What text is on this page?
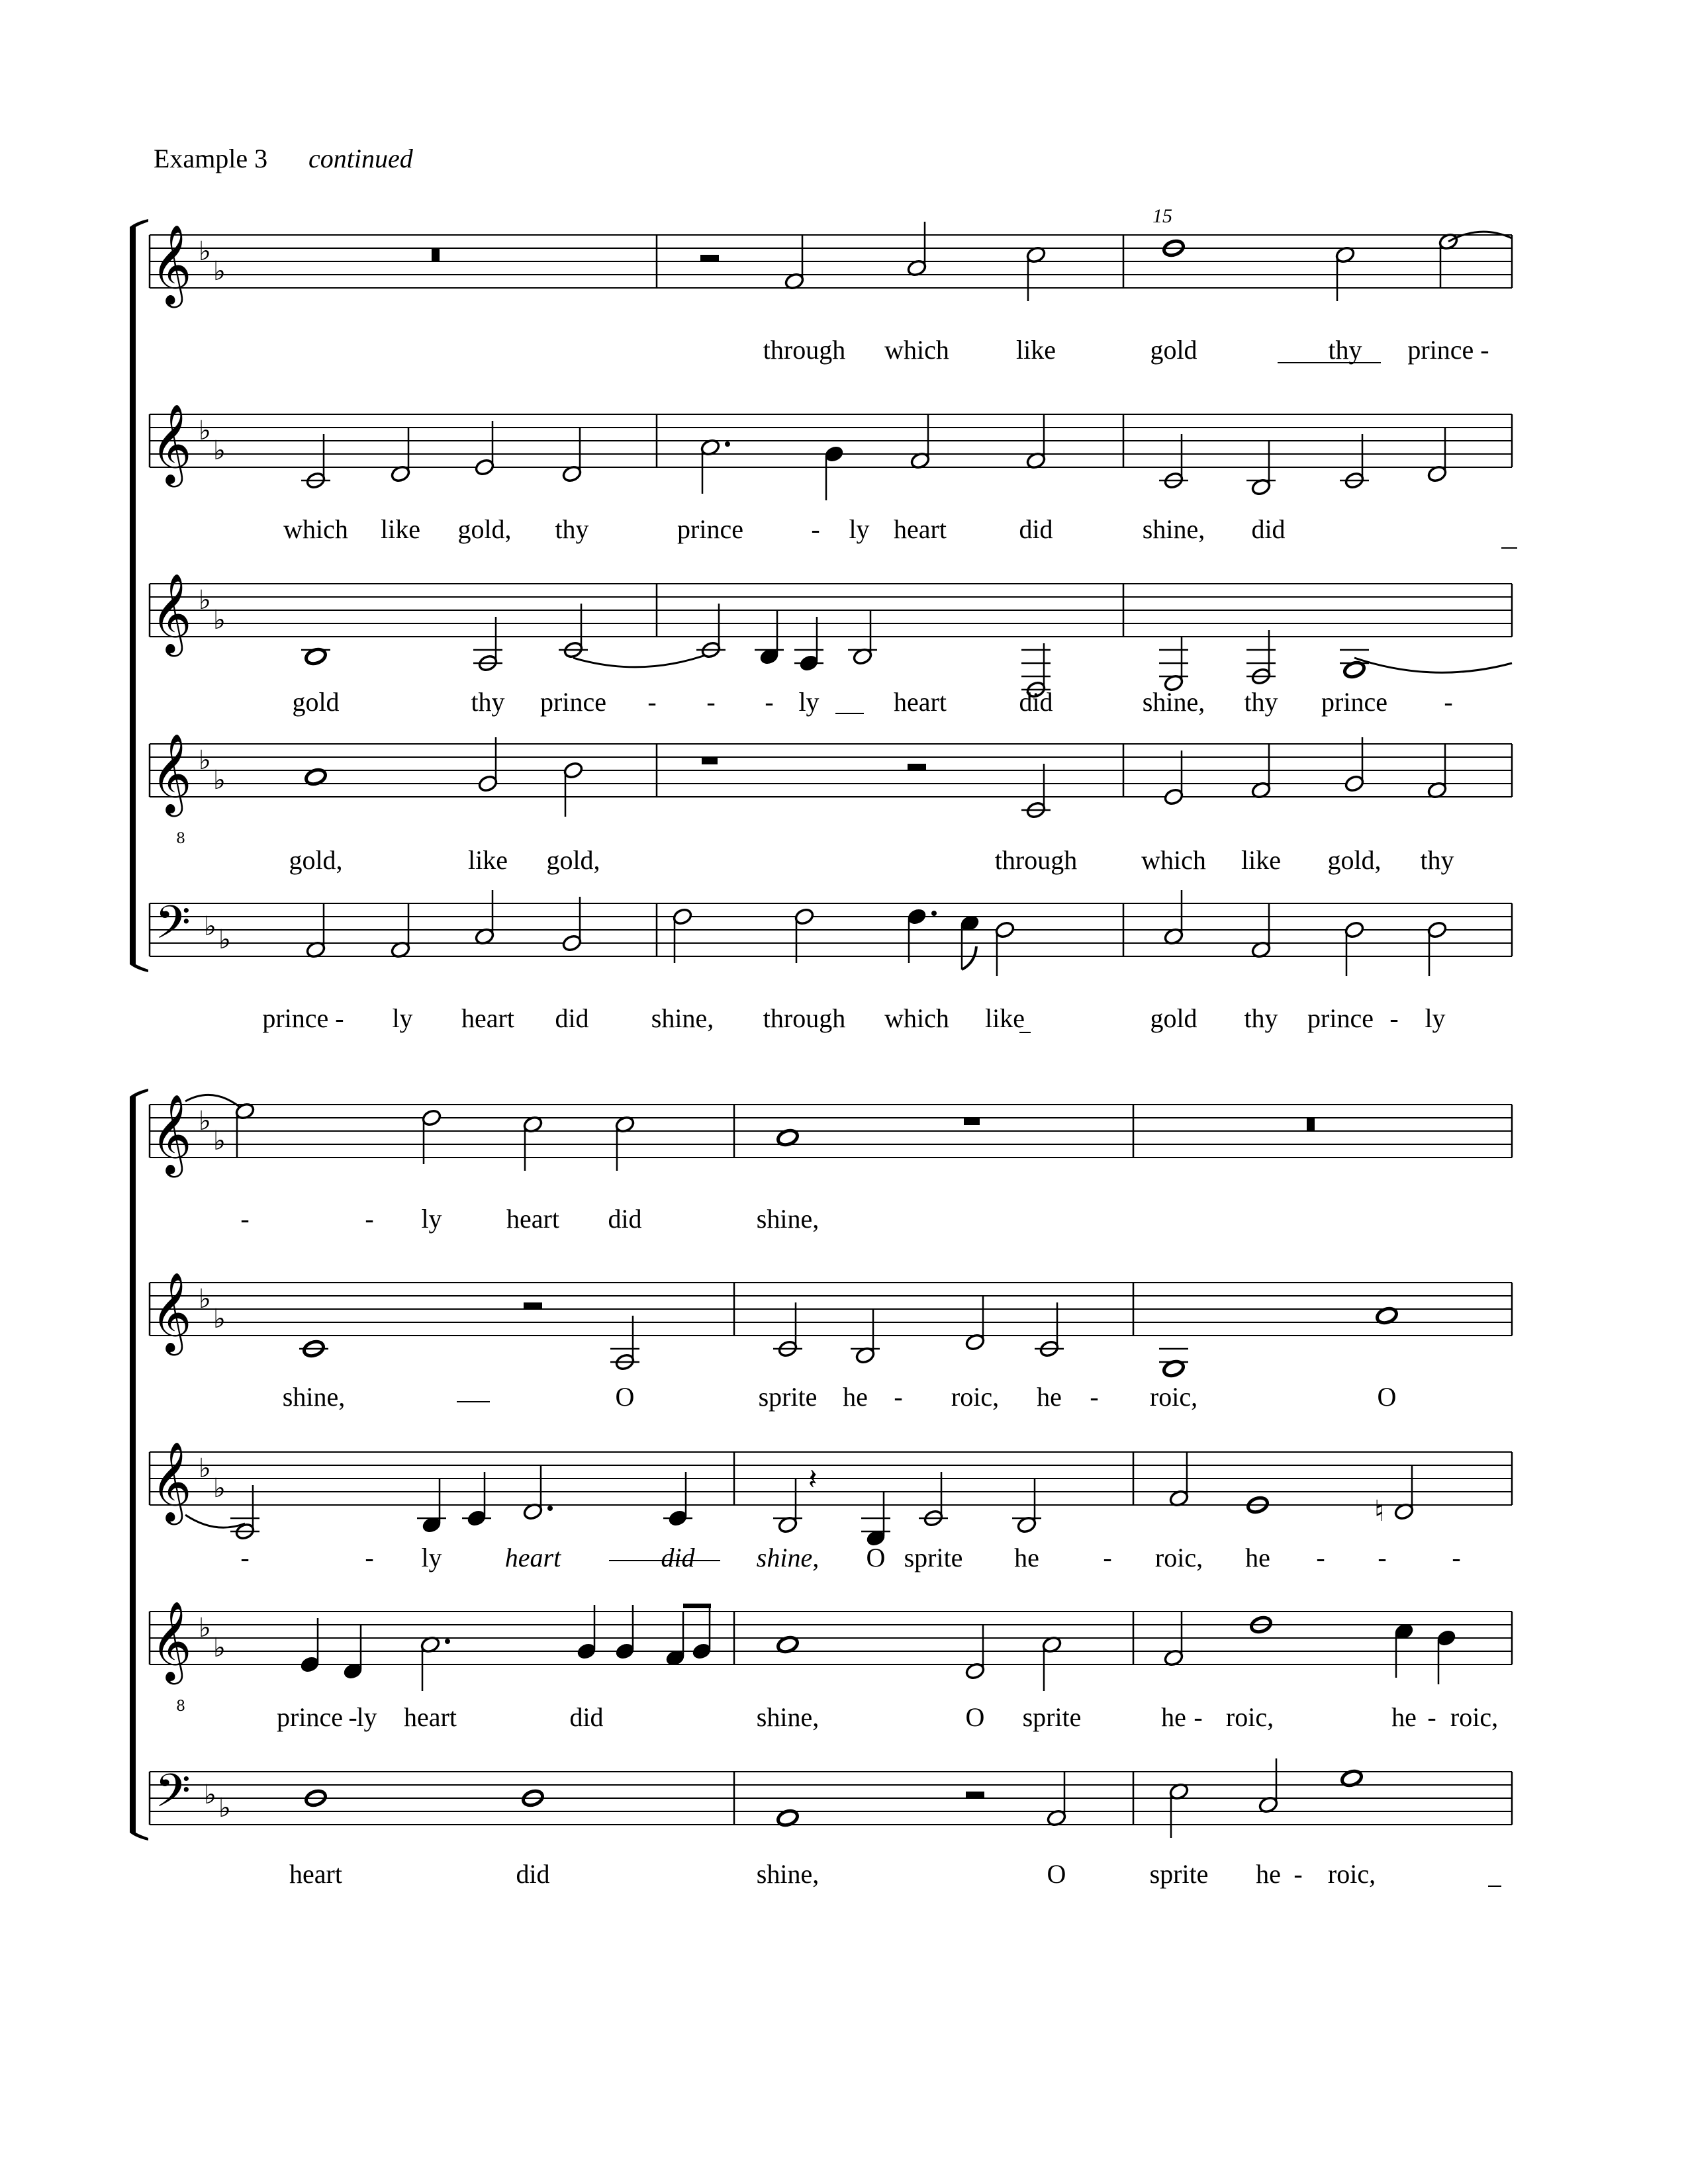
Example 3 continued
15
𝄞 ♭
♭
𝄞 ♭
♭
𝄞 ♭
♭
𝄞
8
♭
♭
𝄢 ♭ ♭
𝄞 ♭
♭
𝄞 ♭
♭
𝄞 ♭
♭
𝄞
8
♭
♭
𝄢 ♭ ♭
𝄽
♮
through which	like	gold	thy prince -
which like gold, thy	prince	- ly heart	did	shine, did
gold	thy prince - - - ly	heart	did	shine, thy prince -
gold,	like gold,	through which like gold, thy
prince - ly heart did shine, through which like	gold thy prince - ly
-	- ly heart did	shine,
shine,	O	sprite he - roic, he - roic,	O
-	- ly heart	did shine, O sprite he - roic, he - - -
prince -
ly heart	did	shine,	O sprite	he - roic,	he - roic,
heart	did	shine,	O	sprite he - roic,
